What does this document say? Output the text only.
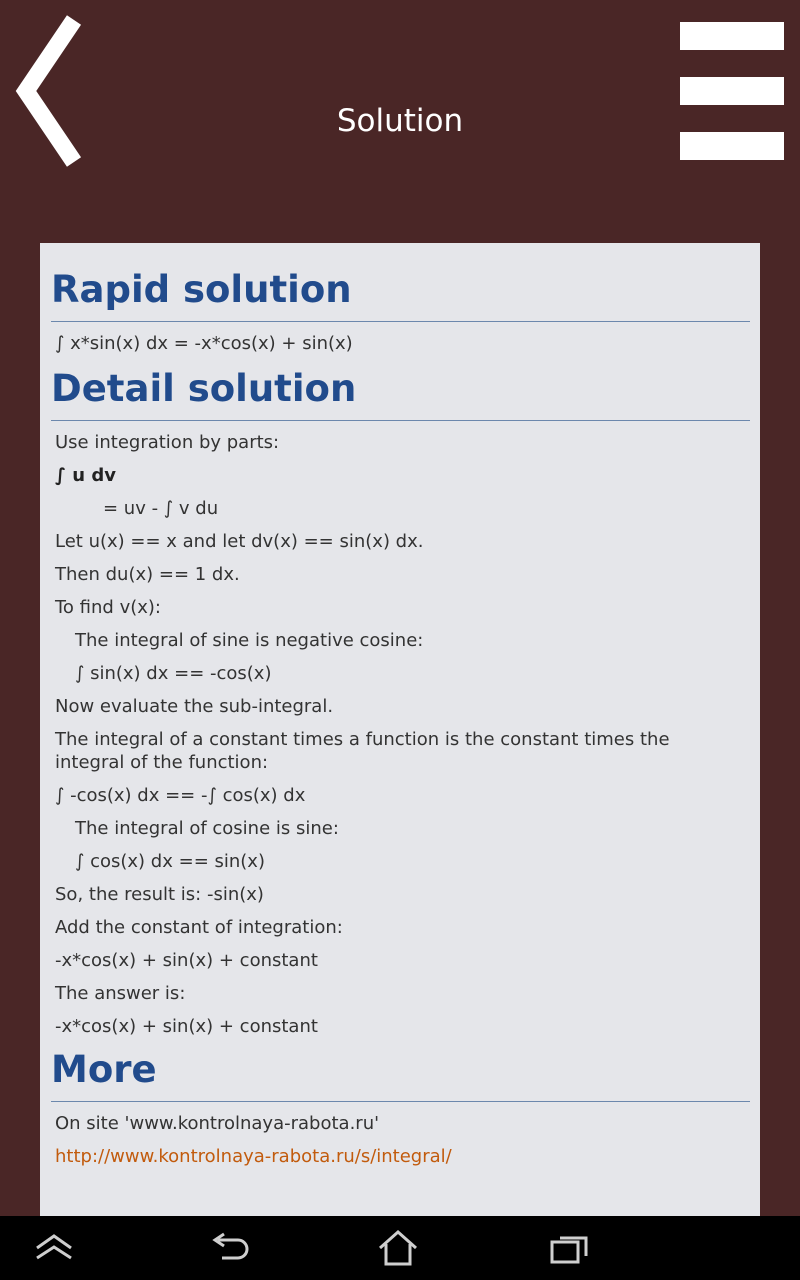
Solution
Rapid solution
∫ x*sin(x) dx = -x*cos(x) + sin(x)
Detail solution
Use integration by parts:
∫ u dv
= uv - ∫ v du
Let u(x) == x and let dv(x) == sin(x) dx.
Then du(x) == 1 dx.
To find v(x):
The integral of sine is negative cosine:
∫ sin(x) dx == -cos(x)
Now evaluate the sub-integral.
The integral of a constant times a function is the constant times the integral of the function:
∫ -cos(x) dx == -∫ cos(x) dx
The integral of cosine is sine:
∫ cos(x) dx == sin(x)
So, the result is: -sin(x)
Add the constant of integration:
-x*cos(x) + sin(x) + constant
The answer is:
-x*cos(x) + sin(x) + constant
More
On site 'www.kontrolnaya-rabota.ru'
http://www.kontrolnaya-rabota.ru/s/integral/
